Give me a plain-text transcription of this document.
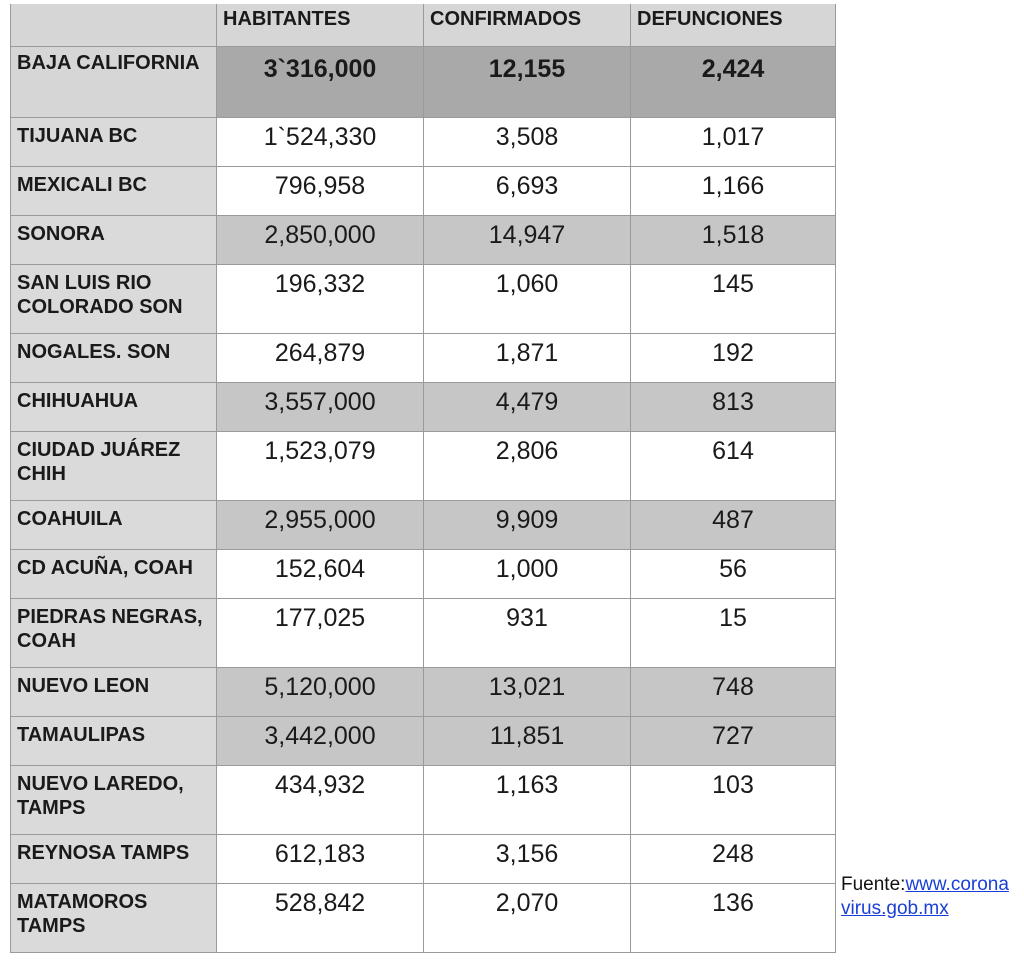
	HABITANTES	CONFIRMADOS	DEFUNCIONES
BAJA CALIFORNIA	3`316,000	12,155	2,424
TIJUANA BC	1`524,330	3,508	1,017
MEXICALI BC	796,958	6,693	1,166
SONORA	2,850,000	14,947	1,518
SAN LUIS RIO COLORADO SON	196,332	1,060	145
NOGALES. SON	264,879	1,871	192
CHIHUAHUA	3,557,000	4,479	813
CIUDAD JUÁREZ CHIH	1,523,079	2,806	614
COAHUILA	2,955,000	9,909	487
CD ACUÑA, COAH	152,604	1,000	56
PIEDRAS NEGRAS, COAH	177,025	931	15
NUEVO LEON	5,120,000	13,021	748
TAMAULIPAS	3,442,000	11,851	727
NUEVO LAREDO, TAMPS	434,932	1,163	103
REYNOSA TAMPS	612,183	3,156	248
MATAMOROS TAMPS	528,842	2,070	136
Fuente:www.corona
virus.gob.mx
